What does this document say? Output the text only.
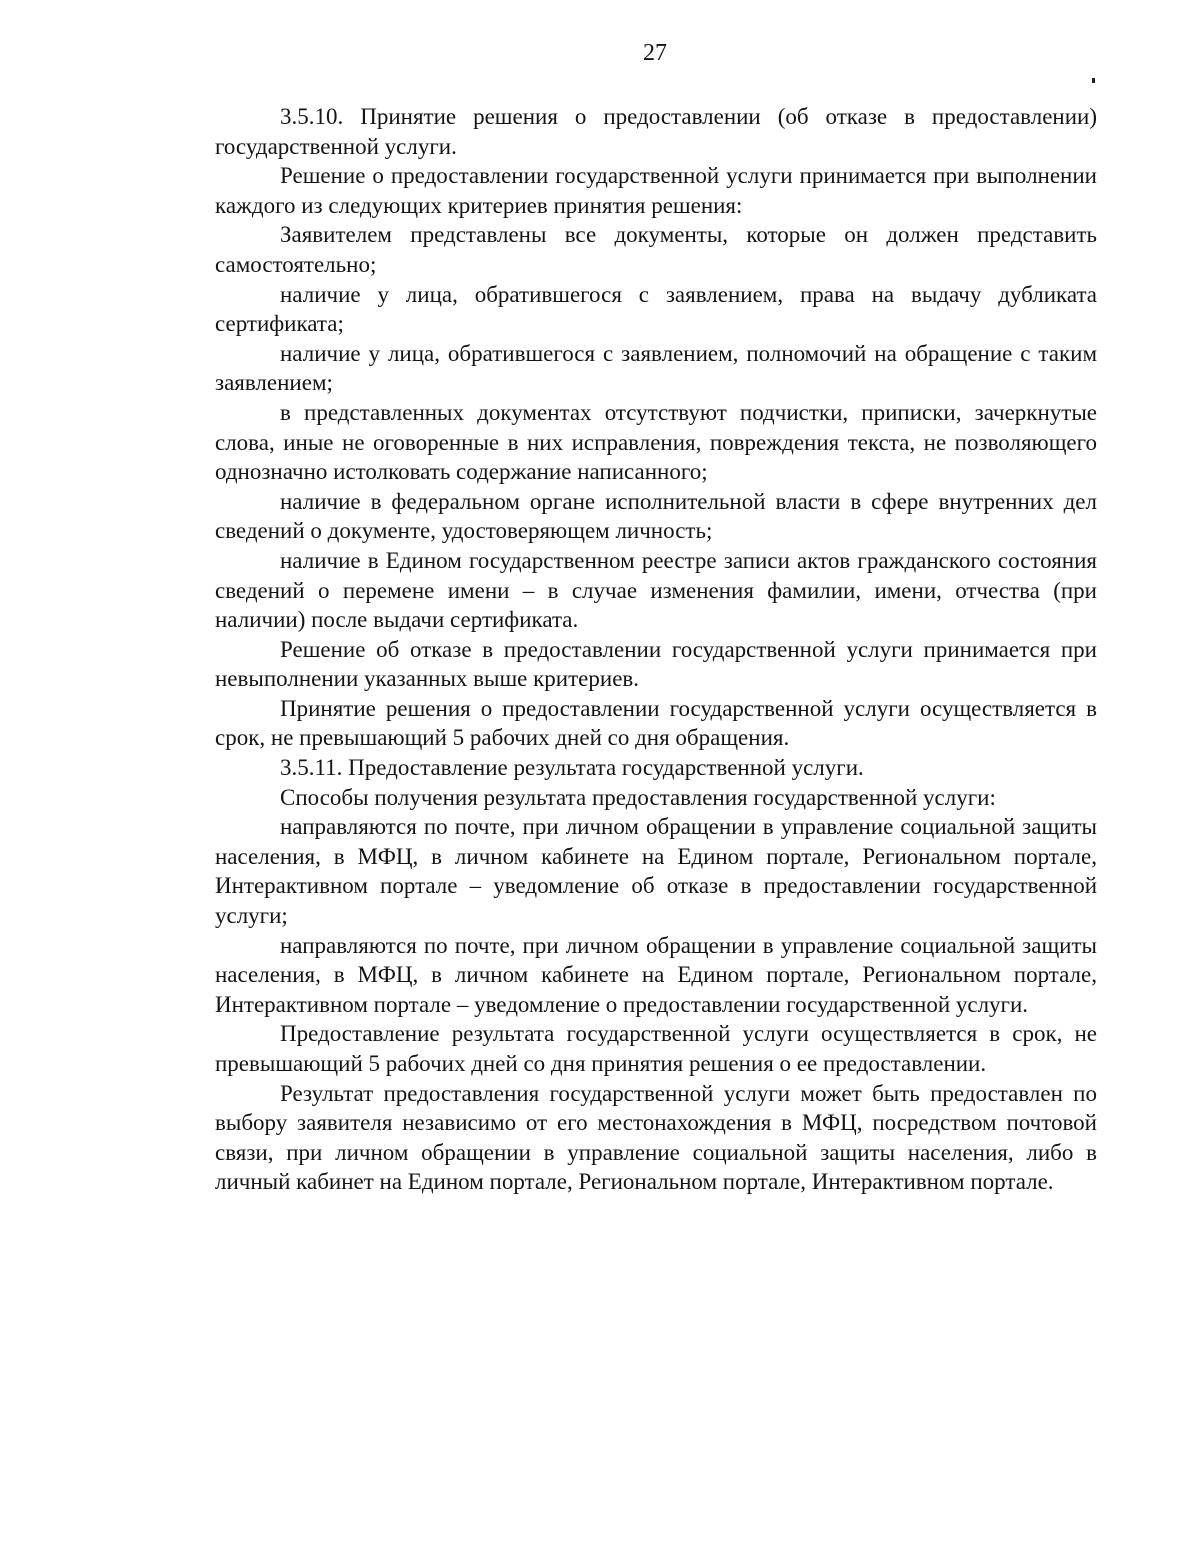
27

3.5.10. Принятие решения о предоставлении (об отказе в предоставлении) государственной услуги.

Решение о предоставлении государственной услуги принимается при выполнении каждого из следующих критериев принятия решения:

Заявителем представлены все документы, которые он должен представить самостоятельно;

наличие у лица, обратившегося с заявлением, права на выдачу дубликата сертификата;

наличие у лица, обратившегося с заявлением, полномочий на обращение с таким заявлением;

в представленных документах отсутствуют подчистки, приписки, зачеркнутые слова, иные не оговоренные в них исправления, повреждения текста, не позволяющего однозначно истолковать содержание написанного;

наличие в федеральном органе исполнительной власти в сфере внутренних дел сведений о документе, удостоверяющем личность;

наличие в Едином государственном реестре записи актов гражданского состояния сведений о перемене имени – в случае изменения фамилии, имени, отчества (при наличии) после выдачи сертификата.

Решение об отказе в предоставлении государственной услуги принимается при невыполнении указанных выше критериев.

Принятие решения о предоставлении государственной услуги осуществляется в срок, не превышающий 5 рабочих дней со дня обращения.

3.5.11. Предоставление результата государственной услуги.

Способы получения результата предоставления государственной услуги:

направляются по почте, при личном обращении в управление социальной защиты населения, в МФЦ, в личном кабинете на Едином портале, Региональном портале, Интерактивном портале – уведомление об отказе в предоставлении государственной услуги;

направляются по почте, при личном обращении в управление социальной защиты населения, в МФЦ, в личном кабинете на Едином портале, Региональном портале, Интерактивном портале – уведомление о предоставлении государственной услуги.

Предоставление результата государственной услуги осуществляется в срок, не превышающий 5 рабочих дней со дня принятия решения о ее предоставлении.

Результат предоставления государственной услуги может быть предоставлен по выбору заявителя независимо от его местонахождения в МФЦ, посредством почтовой связи, при личном обращении в управление социальной защиты населения, либо в личный кабинет на Едином портале, Региональном портале, Интерактивном портале.
